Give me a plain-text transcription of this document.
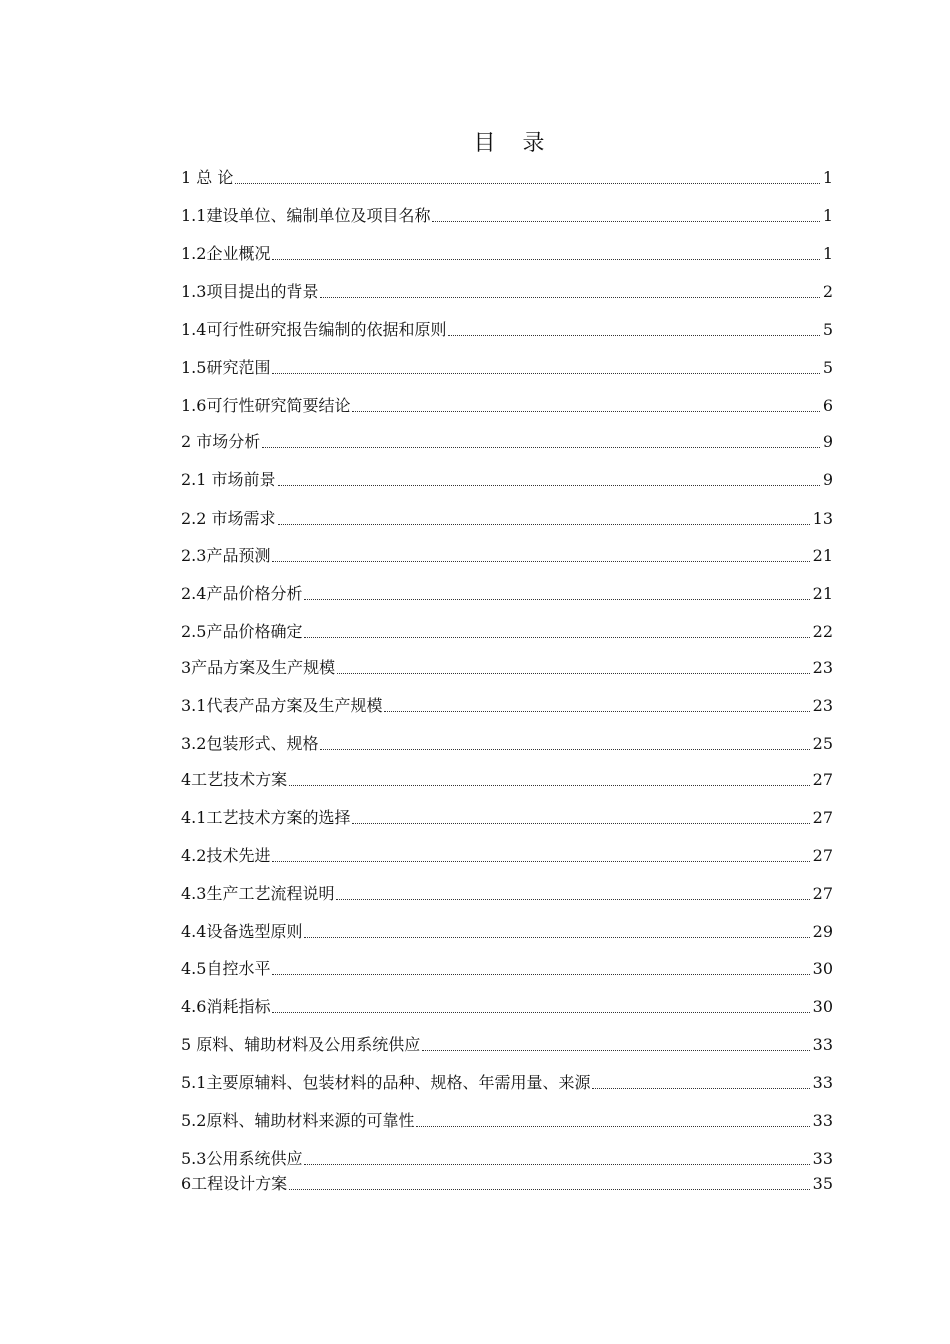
目 录
1 总 论	1
1.1建设单位、编制单位及项目名称	1
1.2企业概况	1
1.3项目提出的背景	2
1.4可行性研究报告编制的依据和原则	5
1.5研究范围	5
1.6可行性研究简要结论	6
2 市场分析	9
2.1 市场前景	9
2.2 市场需求	13
2.3产品预测	21
2.4产品价格分析	21
2.5产品价格确定	22
3产品方案及生产规模	23
3.1代表产品方案及生产规模	23
3.2包装形式、规格	25
4工艺技术方案	27
4.1工艺技术方案的选择	27
4.2技术先进	27
4.3生产工艺流程说明	27
4.4设备选型原则	29
4.5自控水平	30
4.6消耗指标	30
5 原料、辅助材料及公用系统供应	33
5.1主要原辅料、包装材料的品种、规格、年需用量、来源	33
5.2原料、辅助材料来源的可靠性	33
5.3公用系统供应	33
6工程设计方案	35
